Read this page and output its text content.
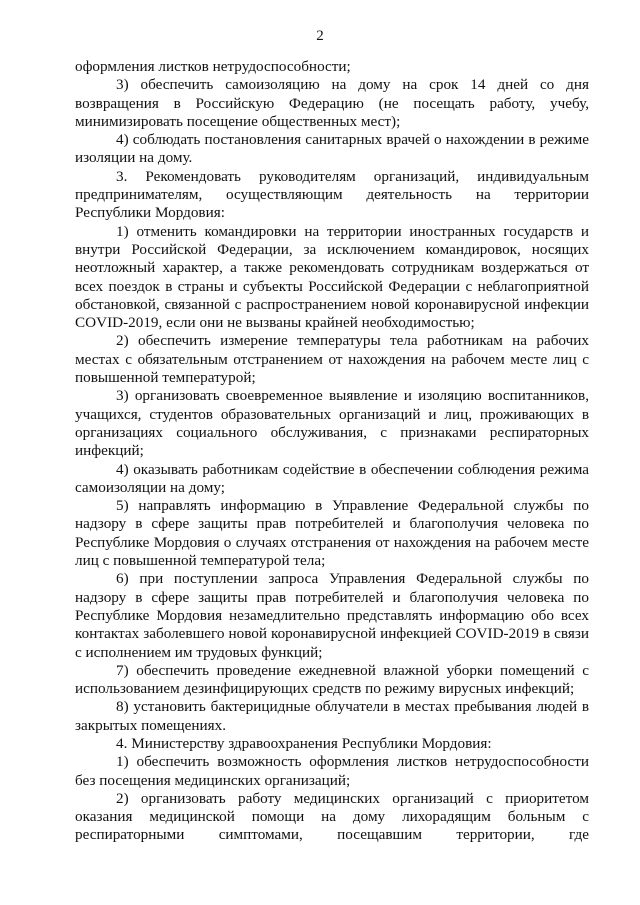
2

оформления листков нетрудоспособности;

3) обеспечить самоизоляцию на дому на срок 14 дней со дня возвращения в Российскую Федерацию (не посещать работу, учебу, минимизировать посещение общественных мест);

4) соблюдать постановления санитарных врачей о нахождении в режиме изоляции на дому.

3. Рекомендовать руководителям организаций, индивидуальным предпринимателям, осуществляющим деятельность на территории Республики Мордовия:

1) отменить командировки на территории иностранных государств и внутри Российской Федерации, за исключением командировок, носящих неотложный характер, а также рекомендовать сотрудникам воздержаться от всех поездок в страны и субъекты Российской Федерации с неблагоприятной обстановкой, связанной с распространением новой коронавирусной инфекции COVID-2019, если они не вызваны крайней необходимостью;

2) обеспечить измерение температуры тела работникам на рабочих местах с обязательным отстранением от нахождения на рабочем месте лиц с повышенной температурой;

3) организовать своевременное выявление и изоляцию воспитанников, учащихся, студентов образовательных организаций и лиц, проживающих в организациях социального обслуживания, с признаками респираторных инфекций;

4) оказывать работникам содействие в обеспечении соблюдения режима самоизоляции на дому;

5) направлять информацию в Управление Федеральной службы по надзору в сфере защиты прав потребителей и благополучия человека по Республике Мордовия о случаях отстранения от нахождения на рабочем месте лиц с повышенной температурой тела;

6) при поступлении запроса Управления Федеральной службы по надзору в сфере защиты прав потребителей и благополучия человека по Республике Мордовия незамедлительно представлять информацию обо всех контактах заболевшего новой коронавирусной инфекцией COVID-2019 в связи с исполнением им трудовых функций;

7) обеспечить проведение ежедневной влажной уборки помещений с использованием дезинфицирующих средств по режиму вирусных инфекций;

8) установить бактерицидные облучатели в местах пребывания людей в закрытых помещениях.

4. Министерству здравоохранения Республики Мордовия:

1) обеспечить возможность оформления листков нетрудоспособности без посещения медицинских организаций;

2) организовать работу медицинских организаций с приоритетом оказания медицинской помощи на дому лихорадящим больным с респираторными симптомами, посещавшим территории, где
